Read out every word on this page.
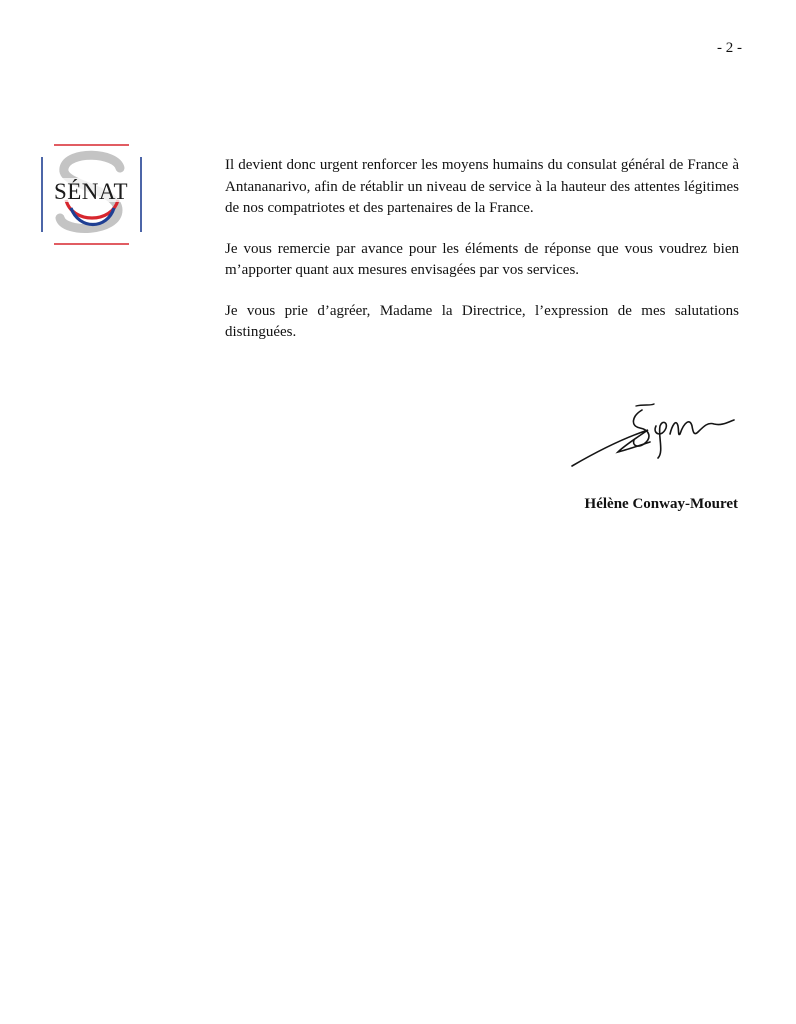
- 2 -
SÉNAT

Il devient donc urgent renforcer les moyens humains du consulat général de France à Antananarivo, afin de rétablir un niveau de service à la hauteur des attentes légitimes de nos compatriotes et des partenaires de la France.

Je vous remercie par avance pour les éléments de réponse que vous voudrez bien m’apporter quant aux mesures envisagées par vos services.

Je vous prie d’agréer, Madame la Directrice, l’expression de mes salutations distinguées.

Hélène Conway-Mouret
